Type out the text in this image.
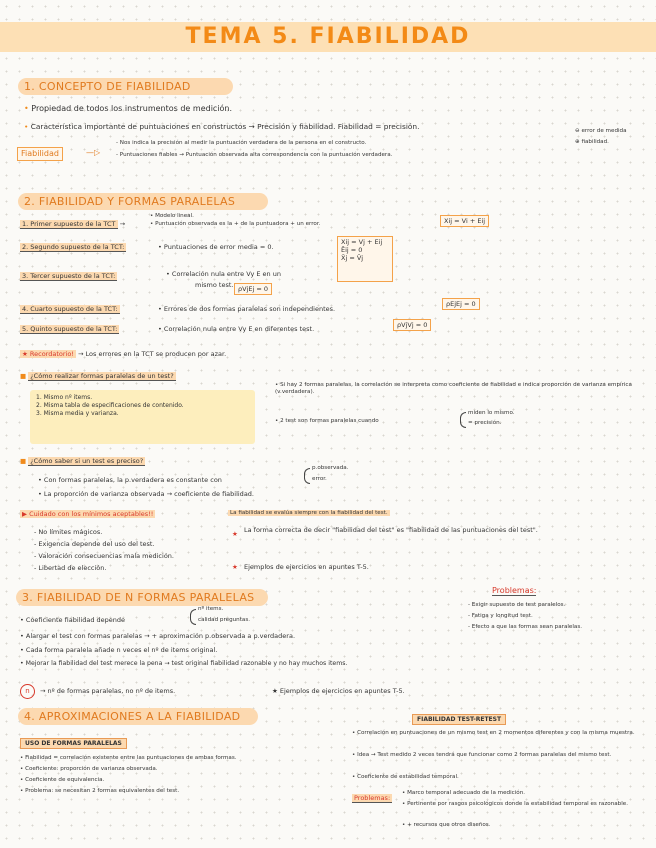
TEMA 5. FIABILIDAD
1. CONCEPTO DE FIABILIDAD
• Propiedad de todos los instrumentos de medición.
• Característica importante de puntuaciones en constructos → Precisión y fiabilidad. Fiabilidad = precisión.
Fiabilidad	—▷
- Nos indica la precisión al medir la puntuación verdadera de la persona en el constructo.
- Puntuaciones fiables → Puntuación observada alta correspondencia con la puntuación verdadera.
⊖ error de medida
⊕ fiabilidad.
2. FIABILIDAD Y FORMAS PARALELAS
1. Primer supuesto de la TCT →
• Modelo lineal.
• Puntuación observada es la + de la puntuadora + un error.	Xij = Vi + Eij
2. Segundo supuesto de la TCT:	• Puntuaciones de error media = 0.
Xij = Vj + Eij
Ēij = 0
X̄j = V̄j
3. Tercer supuesto de la TCT:	• Correlación nula entre Vy E en un
mismo test. ρVjEj = 0
4. Cuarto supuesto de la TCT:	• Errores de dos formas paralelas son independientes.
ρEjEj = 0
5. Quinto supuesto de la TCT:	• Correlación nula entre Vy E en diferentes test.	ρVjVj = 0
★ Recordatorio! → Los errores en la TCT se producen por azar.
■ ¿Cómo realizar formas paralelas de un test?
1. Mismo nº items.
2. Misma tabla de especificaciones de contenido.
3. Misma media y varianza.
• Si hay 2 formas paralelas, la correlación se interpreta como coeficiente de fiabilidad e indica proporción de varianza empírica (v.verdadera).
• 2 test son formas paralelas cuando
miden lo mismo.
= precisión.
■ ¿Cómo saber si un test es preciso?
• Con formas paralelas, la p.verdadera es constante con
p.observada.
error.
• La proporción de varianza observada → coeficiente de fiabilidad.
▶ Cuidado con los mínimos aceptables!!	La fiabilidad se evalúa siempre con la fiabilidad del test.
- No límites mágicos.
- Exigencia depende del uso del test.
- Valoración consecuencias mala medición.
- Libertad de elección.
★ La forma correcta de decir "fiabilidad del test" es "fiabilidad de las puntuaciones del test".
★ Ejemplos de ejercicios en apuntes T-5.
3. FIABILIDAD DE N FORMAS PARALELAS
• Coeficiente fiabilidad depende
nº items.
calidad preguntas.
• Alargar el test con formas paralelas → + aproximación p.observada a p.verdadera.
• Cada forma paralela añade n veces el nº de items original.
• Mejorar la fiabilidad del test merece la pena → test original fiabilidad razonable y no hay muchos items.
Problemas:
- Exigir supuesto de test paralelos.
- Fatiga y longitud test.
- Efecto a que las formas sean paralelas.
n	→ nº de formas paralelas, no nº de items.	★ Ejemplos de ejercicios en apuntes T-5.
4. APROXIMACIONES A LA FIABILIDAD
USO DE FORMAS PARALELAS
• Fiabilidad = correlación existente entre las puntuaciones de ambas formas.
• Coeficiente: proporción de varianza observada.
• Coeficiente de equivalencia.
• Problema: se necesitan 2 formas equivalentes del test.
FIABILIDAD TEST-RETEST
• Correlación en puntuaciones de un mismo test en 2 momentos diferentes y con la misma muestra.
• Idea → Test medido 2 veces tendrá que funcionar como 2 formas paralelas del mismo test.
• Coeficiente de estabilidad temporal.
Problemas:
• Marco temporal adecuado de la medición.
• Pertinente por rasgos psicológicos donde la estabilidad temporal es razonable.
• + recursos que otros diseños.
